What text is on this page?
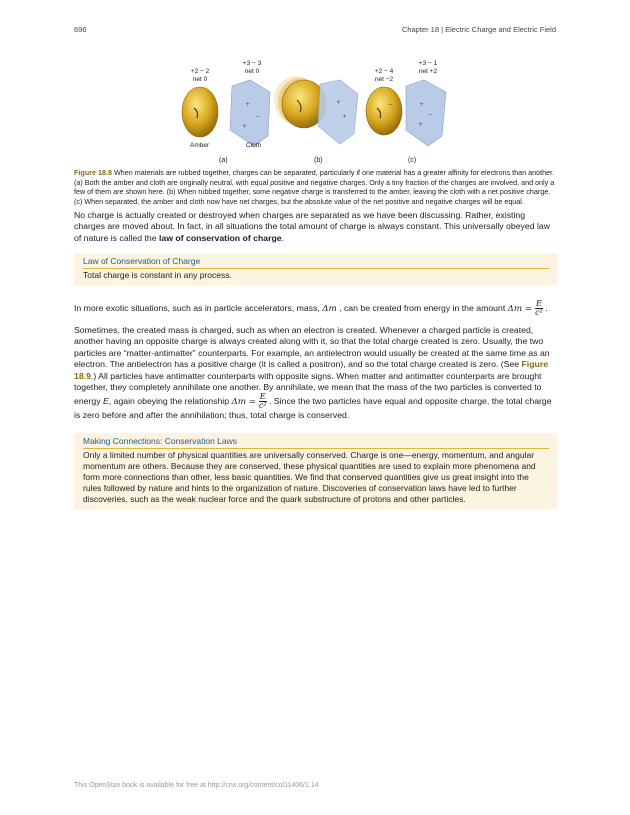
696	Chapter 18 | Electric Charge and Electric Field
+2 − 2
net 0
+3 − 3
net 0	+2 − 4
net −2
+3 − 1
net +2
+
−
+
+
+
−	+
−
+
Amber	Cloth
(a)	(b)	(c)
Figure 18.8 When materials are rubbed together, charges can be separated, particularly if one material has a greater affinity for electrons than another. (a) Both the amber and cloth are originally neutral, with equal positive and negative charges. Only a tiny fraction of the charges are involved, and only a few of them are shown here. (b) When rubbed together, some negative charge is transferred to the amber, leaving the cloth with a net positive charge. (c) When separated, the amber and cloth now have net charges, but the absolute value of the net positive and negative charges will be equal.
No charge is actually created or destroyed when charges are separated as we have been discussing. Rather, existing charges are moved about. In fact, in all situations the total amount of charge is always constant. This universally obeyed law of nature is called the law of conservation of charge.
Law of Conservation of Charge
Total charge is constant in any process.
In more exotic situations, such as in particle accelerators, mass, Δm , can be created from energy in the amount $\Delta m = \frac{E}{\text{c²}}$ .
Sometimes, the created mass is charged, such as when an electron is created. Whenever a charged particle is created, another having an opposite charge is always created along with it, so that the total charge created is zero. Usually, the two particles are “matter-antimatter” counterparts. For example, an antielectron would usually be created at the same time as an electron. The antielectron has a positive charge (it is called a positron), and so the total charge created is zero. (See Figure 18.9.) All particles have antimatter counterparts with opposite signs. When matter and antimatter counterparts are brought together, they completely annihilate one another. By annihilate, we mean that the mass of the two particles is converted to energy E, again obeying the relationship $\Delta m = \frac{E}{\text{c²}}$ . Since the two particles have equal and opposite charge, the total charge is zero before and after the annihilation; thus, total charge is conserved.
Making Connections: Conservation Laws
Only a limited number of physical quantities are universally conserved. Charge is one—energy, momentum, and angular momentum are others. Because they are conserved, these physical quantities are used to explain more phenomena and form more connections than other, less basic quantities. We find that conserved quantities give us great insight into the rules followed by nature and hints to the organization of nature. Discoveries of conservation laws have led to further discoveries, such as the weak nuclear force and the quark substructure of protons and other particles.
This OpenStax book is available for free at http://cnx.org/content/col11406/1.14
